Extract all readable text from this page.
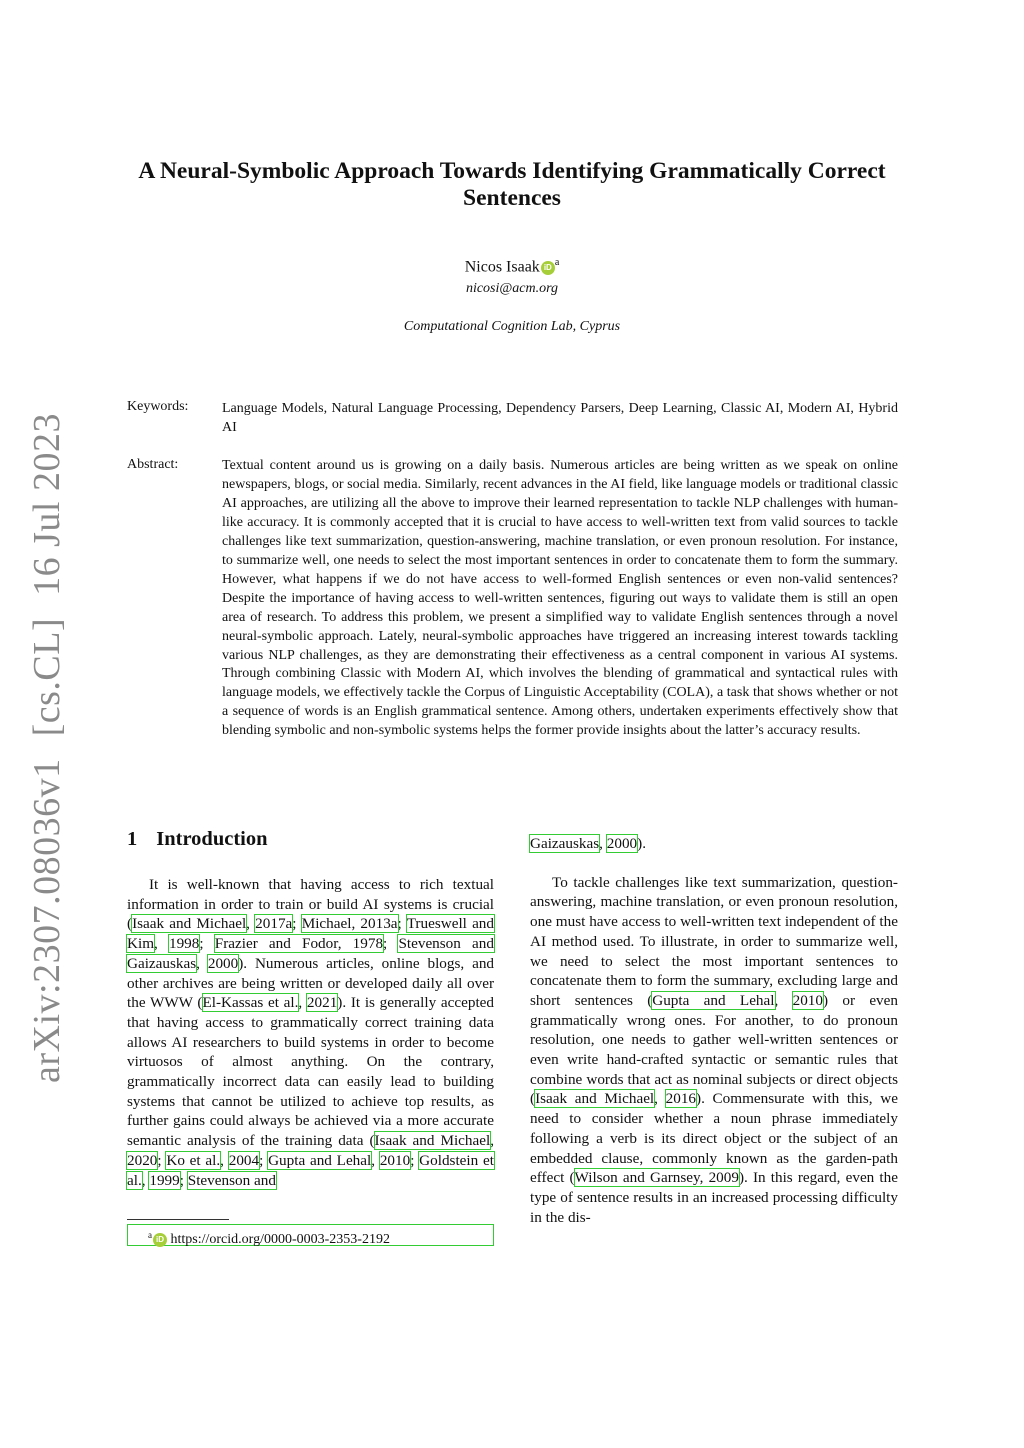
arXiv:2307.08036v1[cs.CL]16 Jul 2023
A Neural-Symbolic Approach Towards Identifying Grammatically Correct Sentences
Nicos Isaak iD $^a$
nicosi@acm.org
Computational Cognition Lab, Cyprus
Keywords: Language Models, Natural Language Processing, Dependency Parsers, Deep Learning, Classic AI, Modern AI, Hybrid AI
Abstract:	Textual content around us is growing on a daily basis. Numerous articles are being written as we speak on online newspapers, blogs, or social media. Similarly, recent advances in the AI field, like language models or traditional classic AI approaches, are utilizing all the above to improve their learned representation to tackle NLP challenges with human-like accuracy. It is commonly accepted that it is crucial to have access to well-written text from valid sources to tackle challenges like text summarization, question-answering, machine translation, or even pronoun resolution. For instance, to summarize well, one needs to select the most important sentences in order to concatenate them to form the summary. However, what happens if we do not have access to well-formed English sentences or even non-valid sentences? Despite the importance of having access to well-written sentences, figuring out ways to validate them is still an open area of research. To address this problem, we present a simplified way to validate English sentences through a novel neural-symbolic approach. Lately, neural-symbolic approaches have triggered an increasing interest towards tackling various NLP challenges, as they are demonstrating their effectiveness as a central component in various AI systems. Through combining Classic with Modern AI, which involves the blending of grammatical and syntactical rules with language models, we effectively tackle the Corpus of Linguistic Acceptability (COLA), a task that shows whether or not a sequence of words is an English grammatical sentence. Among others, undertaken experiments effectively show that blending symbolic and non-symbolic systems helps the former provide insights about the latter’s accuracy results.
1 Introduction

It is well-known that having access to rich textual information in order to train or build AI systems is crucial (Isaak and Michael, 2017a; Michael, 2013a; Trueswell and Kim, 1998; Frazier and Fodor, 1978; Stevenson and Gaizauskas, 2000). Numerous articles, online blogs, and other archives are being written or developed daily all over the WWW (El-Kassas et al., 2021). It is generally accepted that having access to grammatically correct training data allows AI researchers to build systems in order to become virtuosos of almost anything. On the contrary, grammatically incorrect data can easily lead to building systems that cannot be utilized to achieve top results, as further gains could always be achieved via a more accurate semantic analysis of the training data (Isaak and Michael, 2020; Ko et al., 2004; Gupta and Lehal, 2010; Goldstein et al., 1999; Stevenson and

$^a$ iD https://orcid.org/0000-0003-2353-2192
Gaizauskas, 2000).

To tackle challenges like text summarization, question-answering, machine translation, or even pronoun resolution, one must have access to well-written text independent of the AI method used. To illustrate, in order to summarize well, we need to select the most important sentences to concatenate them to form the summary, excluding large and short sentences (Gupta and Lehal, 2010) or even grammatically wrong ones. For another, to do pronoun resolution, one needs to gather well-written sentences or even write hand-crafted syntactic or semantic rules that combine words that act as nominal subjects or direct objects (Isaak and Michael, 2016). Commensurate with this, we need to consider whether a noun phrase immediately following a verb is its direct object or the subject of an embedded clause, commonly known as the garden-path effect (Wilson and Garnsey, 2009). In this regard, even the type of sentence results in an increased processing difficulty in the dis-
